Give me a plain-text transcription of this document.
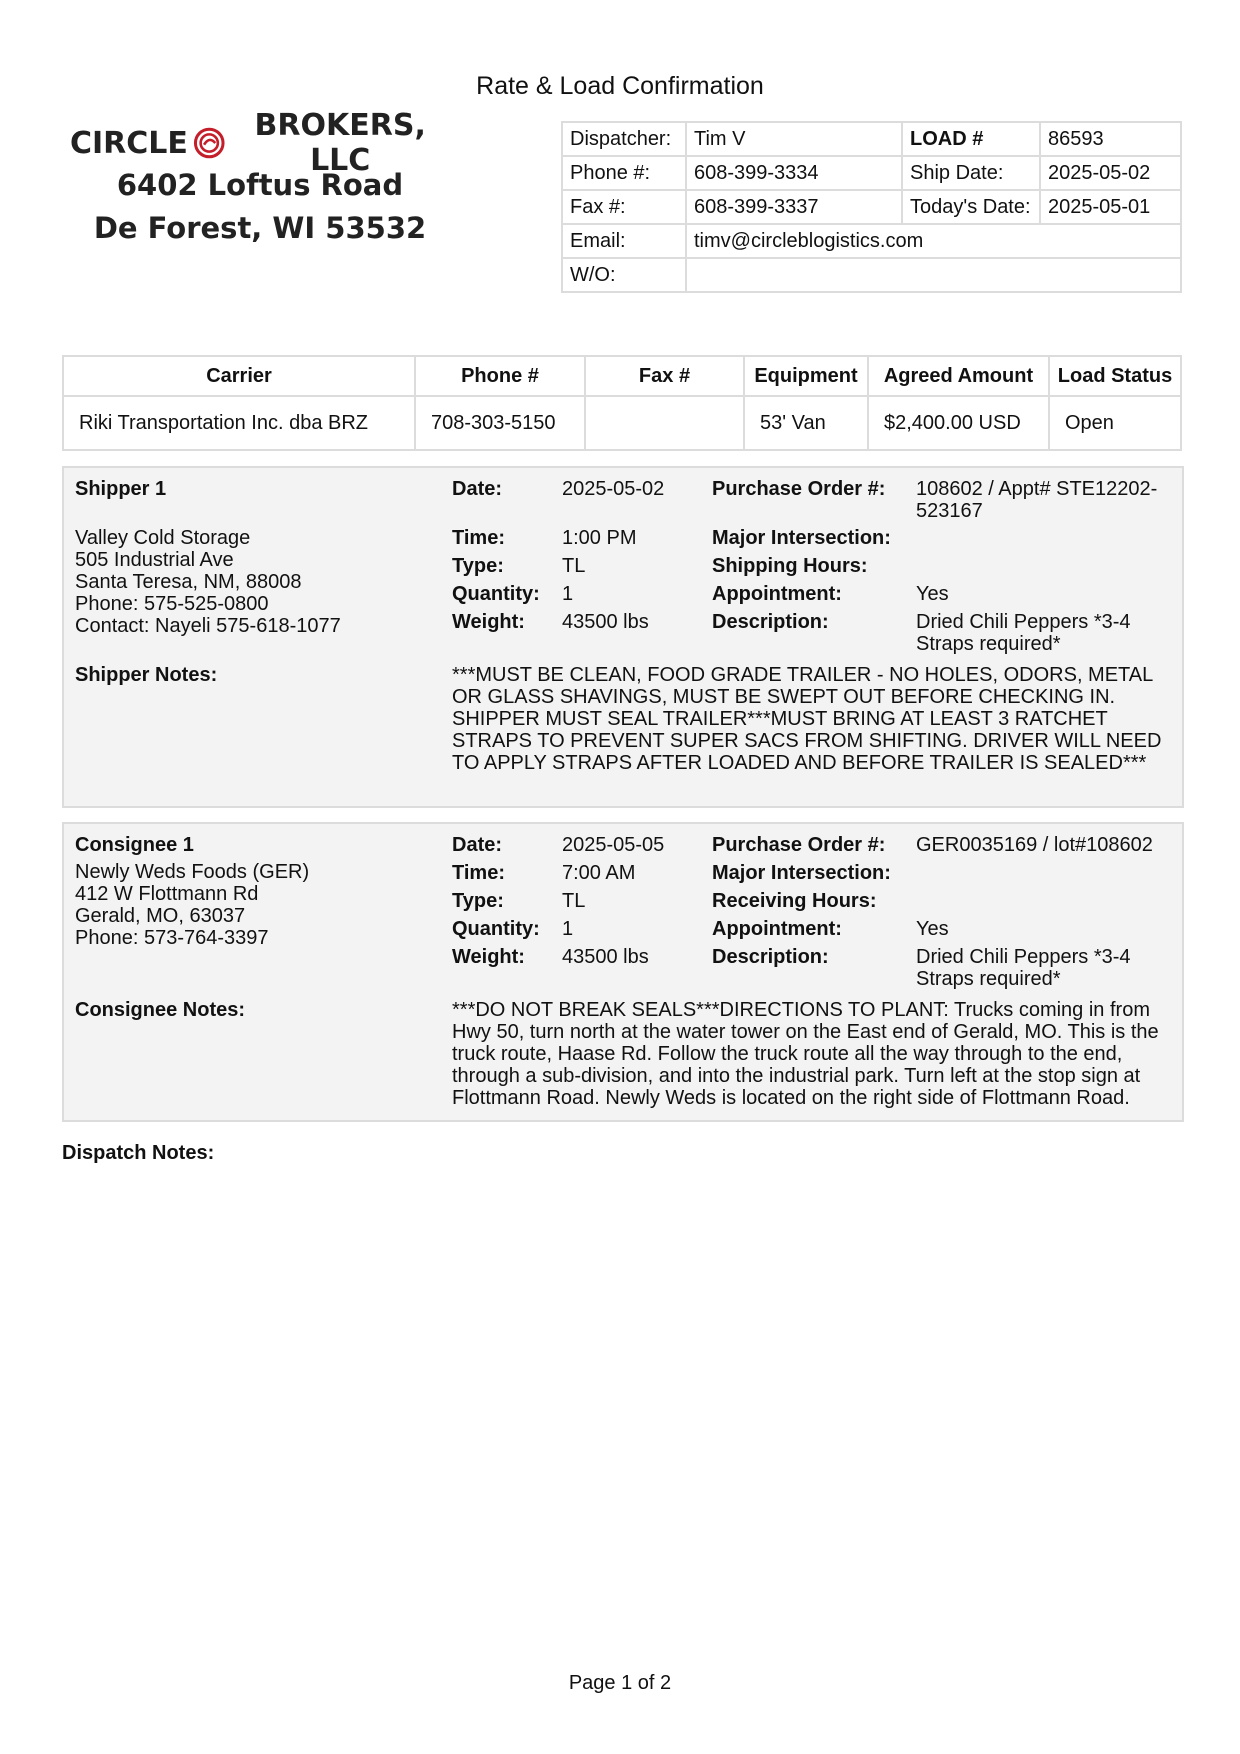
Rate & Load Confirmation
CIRCLE	BROKERS, LLC
6402 Loftus Road
De Forest, WI 53532
Dispatcher:	Tim V	LOAD #	86593
Phone #:	608-399-3334	Ship Date:	2025-05-02
Fax #:	608-399-3337	Today's Date:	2025-05-01
Email:	timv@circleblogistics.com		
W/O:			
Carrier	Phone #	Fax #	Equipment	Agreed Amount	Load Status
Riki Transportation Inc. dba BRZ	708-303-5150		53' Van	$2,400.00 USD	Open
Shipper 1
Valley Cold Storage
505 Industrial Ave
Santa Teresa, NM, 88008
Phone: 575-525-0800
Contact: Nayeli 575-618-1077
Date:	2025-05-02
Time:	1:00 PM
Type:	TL
Quantity: 1
Weight: 43500 lbs
Purchase Order #: 108602 / Appt# STE12202-523167
Major Intersection:
Shipping Hours:
Appointment:	Yes
Description:	Dried Chili Peppers *3-4 Straps required*
Shipper Notes:	***MUST BE CLEAN, FOOD GRADE TRAILER - NO HOLES, ODORS, METAL OR GLASS SHAVINGS, MUST BE SWEPT OUT BEFORE CHECKING IN. SHIPPER MUST SEAL TRAILER***MUST BRING AT LEAST 3 RATCHET STRAPS TO PREVENT SUPER SACS FROM SHIFTING. DRIVER WILL NEED TO APPLY STRAPS AFTER LOADED AND BEFORE TRAILER IS SEALED***
Consignee 1
Newly Weds Foods (GER)
412 W Flottmann Rd
Gerald, MO, 63037
Phone: 573-764-3397
Date:	2025-05-05
Time:	7:00 AM
Type:	TL
Quantity: 1
Weight: 43500 lbs
Purchase Order #: GER0035169 / lot#108602
Major Intersection:
Receiving Hours:
Appointment:	Yes
Description:	Dried Chili Peppers *3-4 Straps required*
Consignee Notes:	***DO NOT BREAK SEALS***DIRECTIONS TO PLANT: Trucks coming in from Hwy 50, turn north at the water tower on the East end of Gerald, MO. This is the truck route, Haase Rd. Follow the truck route all the way through to the end, through a sub-division, and into the industrial park. Turn left at the stop sign at Flottmann Road. Newly Weds is located on the right side of Flottmann Road.
Dispatch Notes:
Page 1 of 2
